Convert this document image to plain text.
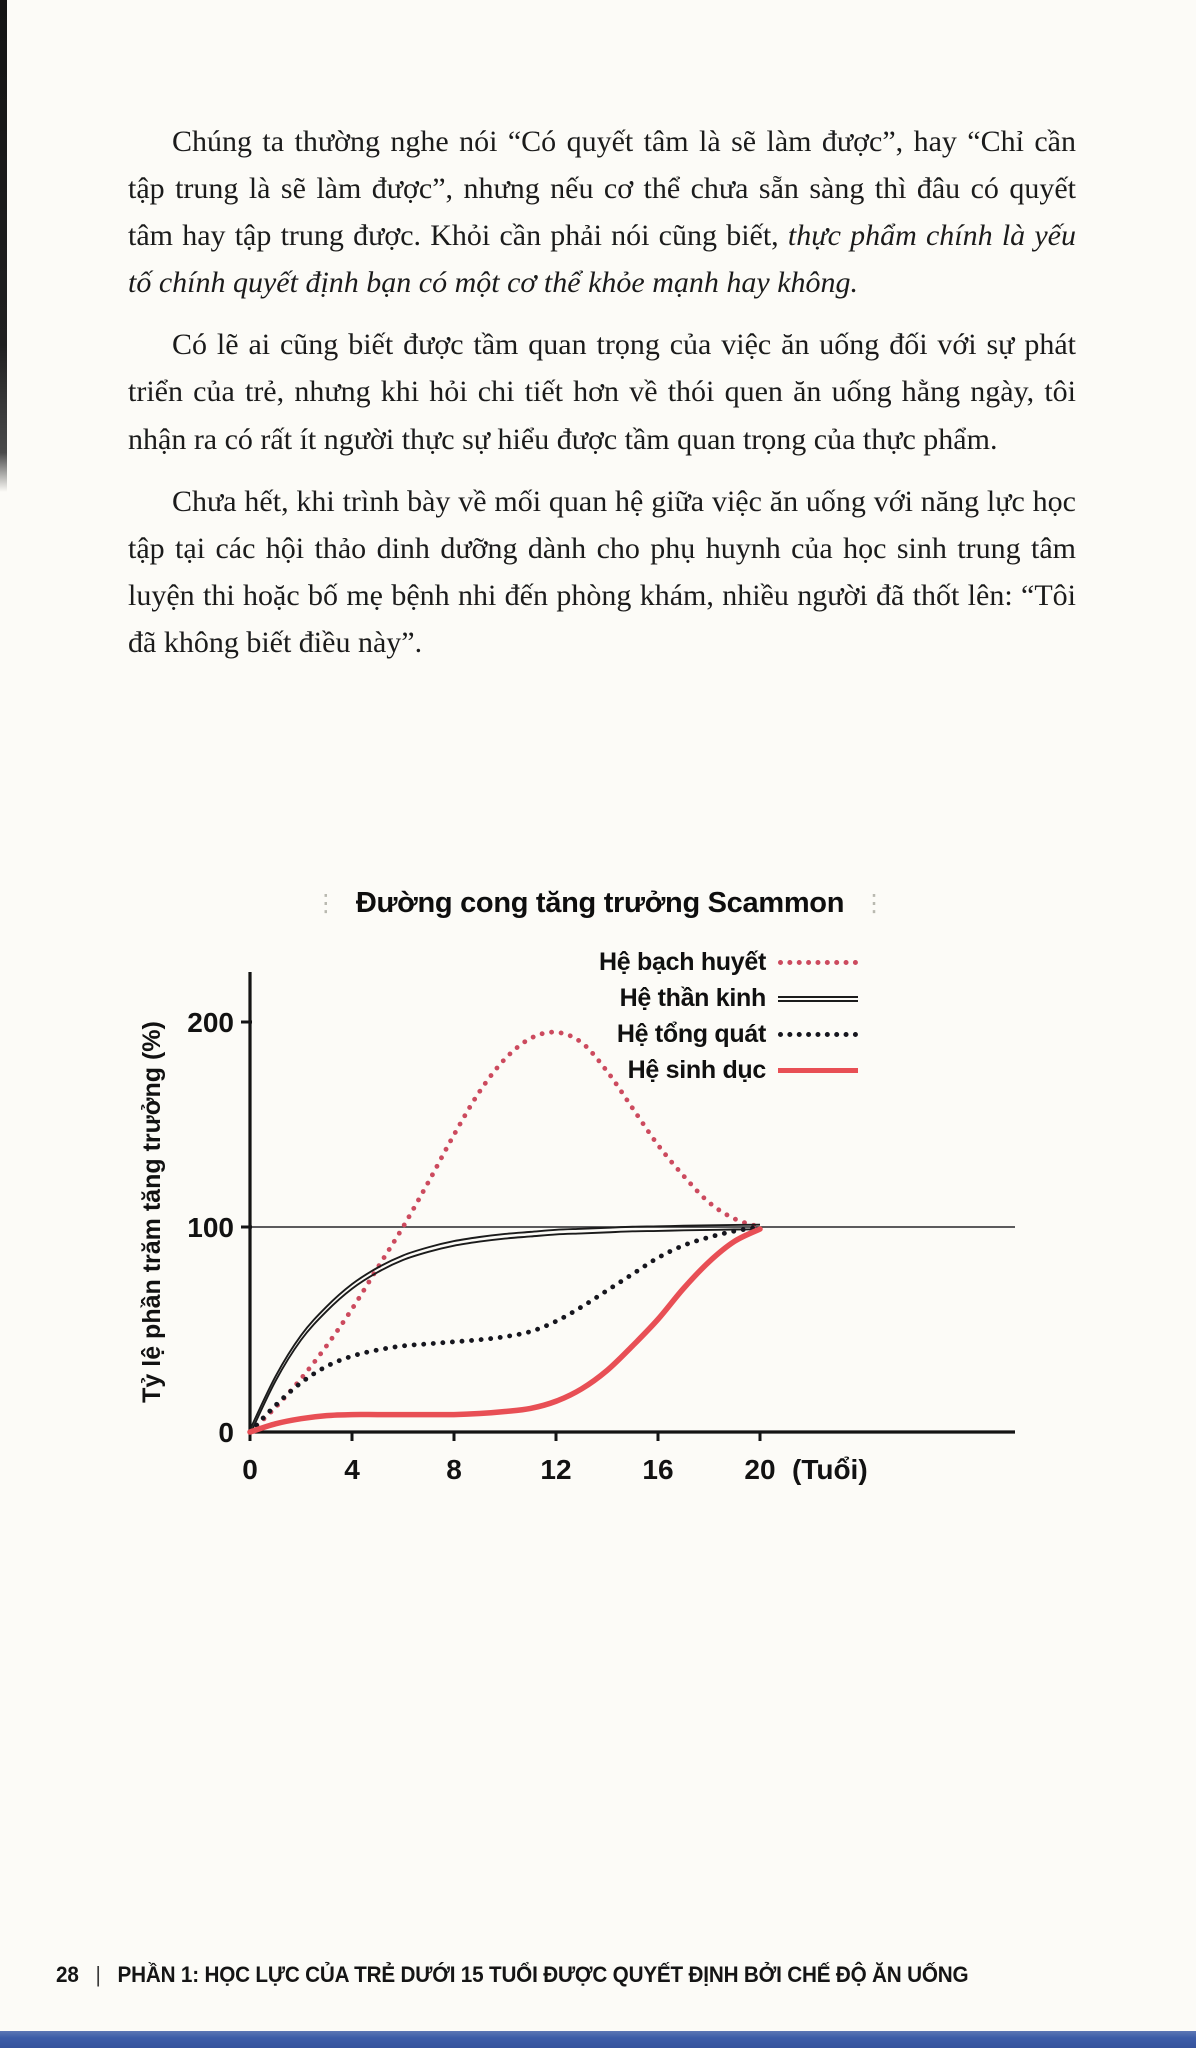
Chúng ta thường nghe nói “Có quyết tâm là sẽ làm được”, hay “Chỉ cần tập trung là sẽ làm được”, nhưng nếu cơ thể chưa sẵn sàng thì đâu có quyết tâm hay tập trung được. Khỏi cần phải nói cũng biết, thực phẩm chính là yếu tố chính quyết định bạn có một cơ thể khỏe mạnh hay không.

Có lẽ ai cũng biết được tầm quan trọng của việc ăn uống đối với sự phát triển của trẻ, nhưng khi hỏi chi tiết hơn về thói quen ăn uống hằng ngày, tôi nhận ra có rất ít người thực sự hiểu được tầm quan trọng của thực phẩm.

Chưa hết, khi trình bày về mối quan hệ giữa việc ăn uống với năng lực học tập tại các hội thảo dinh dưỡng dành cho phụ huynh của học sinh trung tâm luyện thi hoặc bố mẹ bệnh nhi đến phòng khám, nhiều người đã thốt lên: “Tôi đã không biết điều này”.

⋮ Đường cong tăng trưởng Scammon ⋮
Hệ bạch huyết
Hệ thần kinh
Hệ tổng quát
Hệ sinh dục
0
100
200
0	4	8	12	16	20 (Tuổi)
Tỷ lệ phần trăm tăng trưởng (%)
28 | PHẦN 1: HỌC LỰC CỦA TRẺ DƯỚI 15 TUỔI ĐƯỢC QUYẾT ĐỊNH BỞI CHẾ ĐỘ ĂN UỐNG
